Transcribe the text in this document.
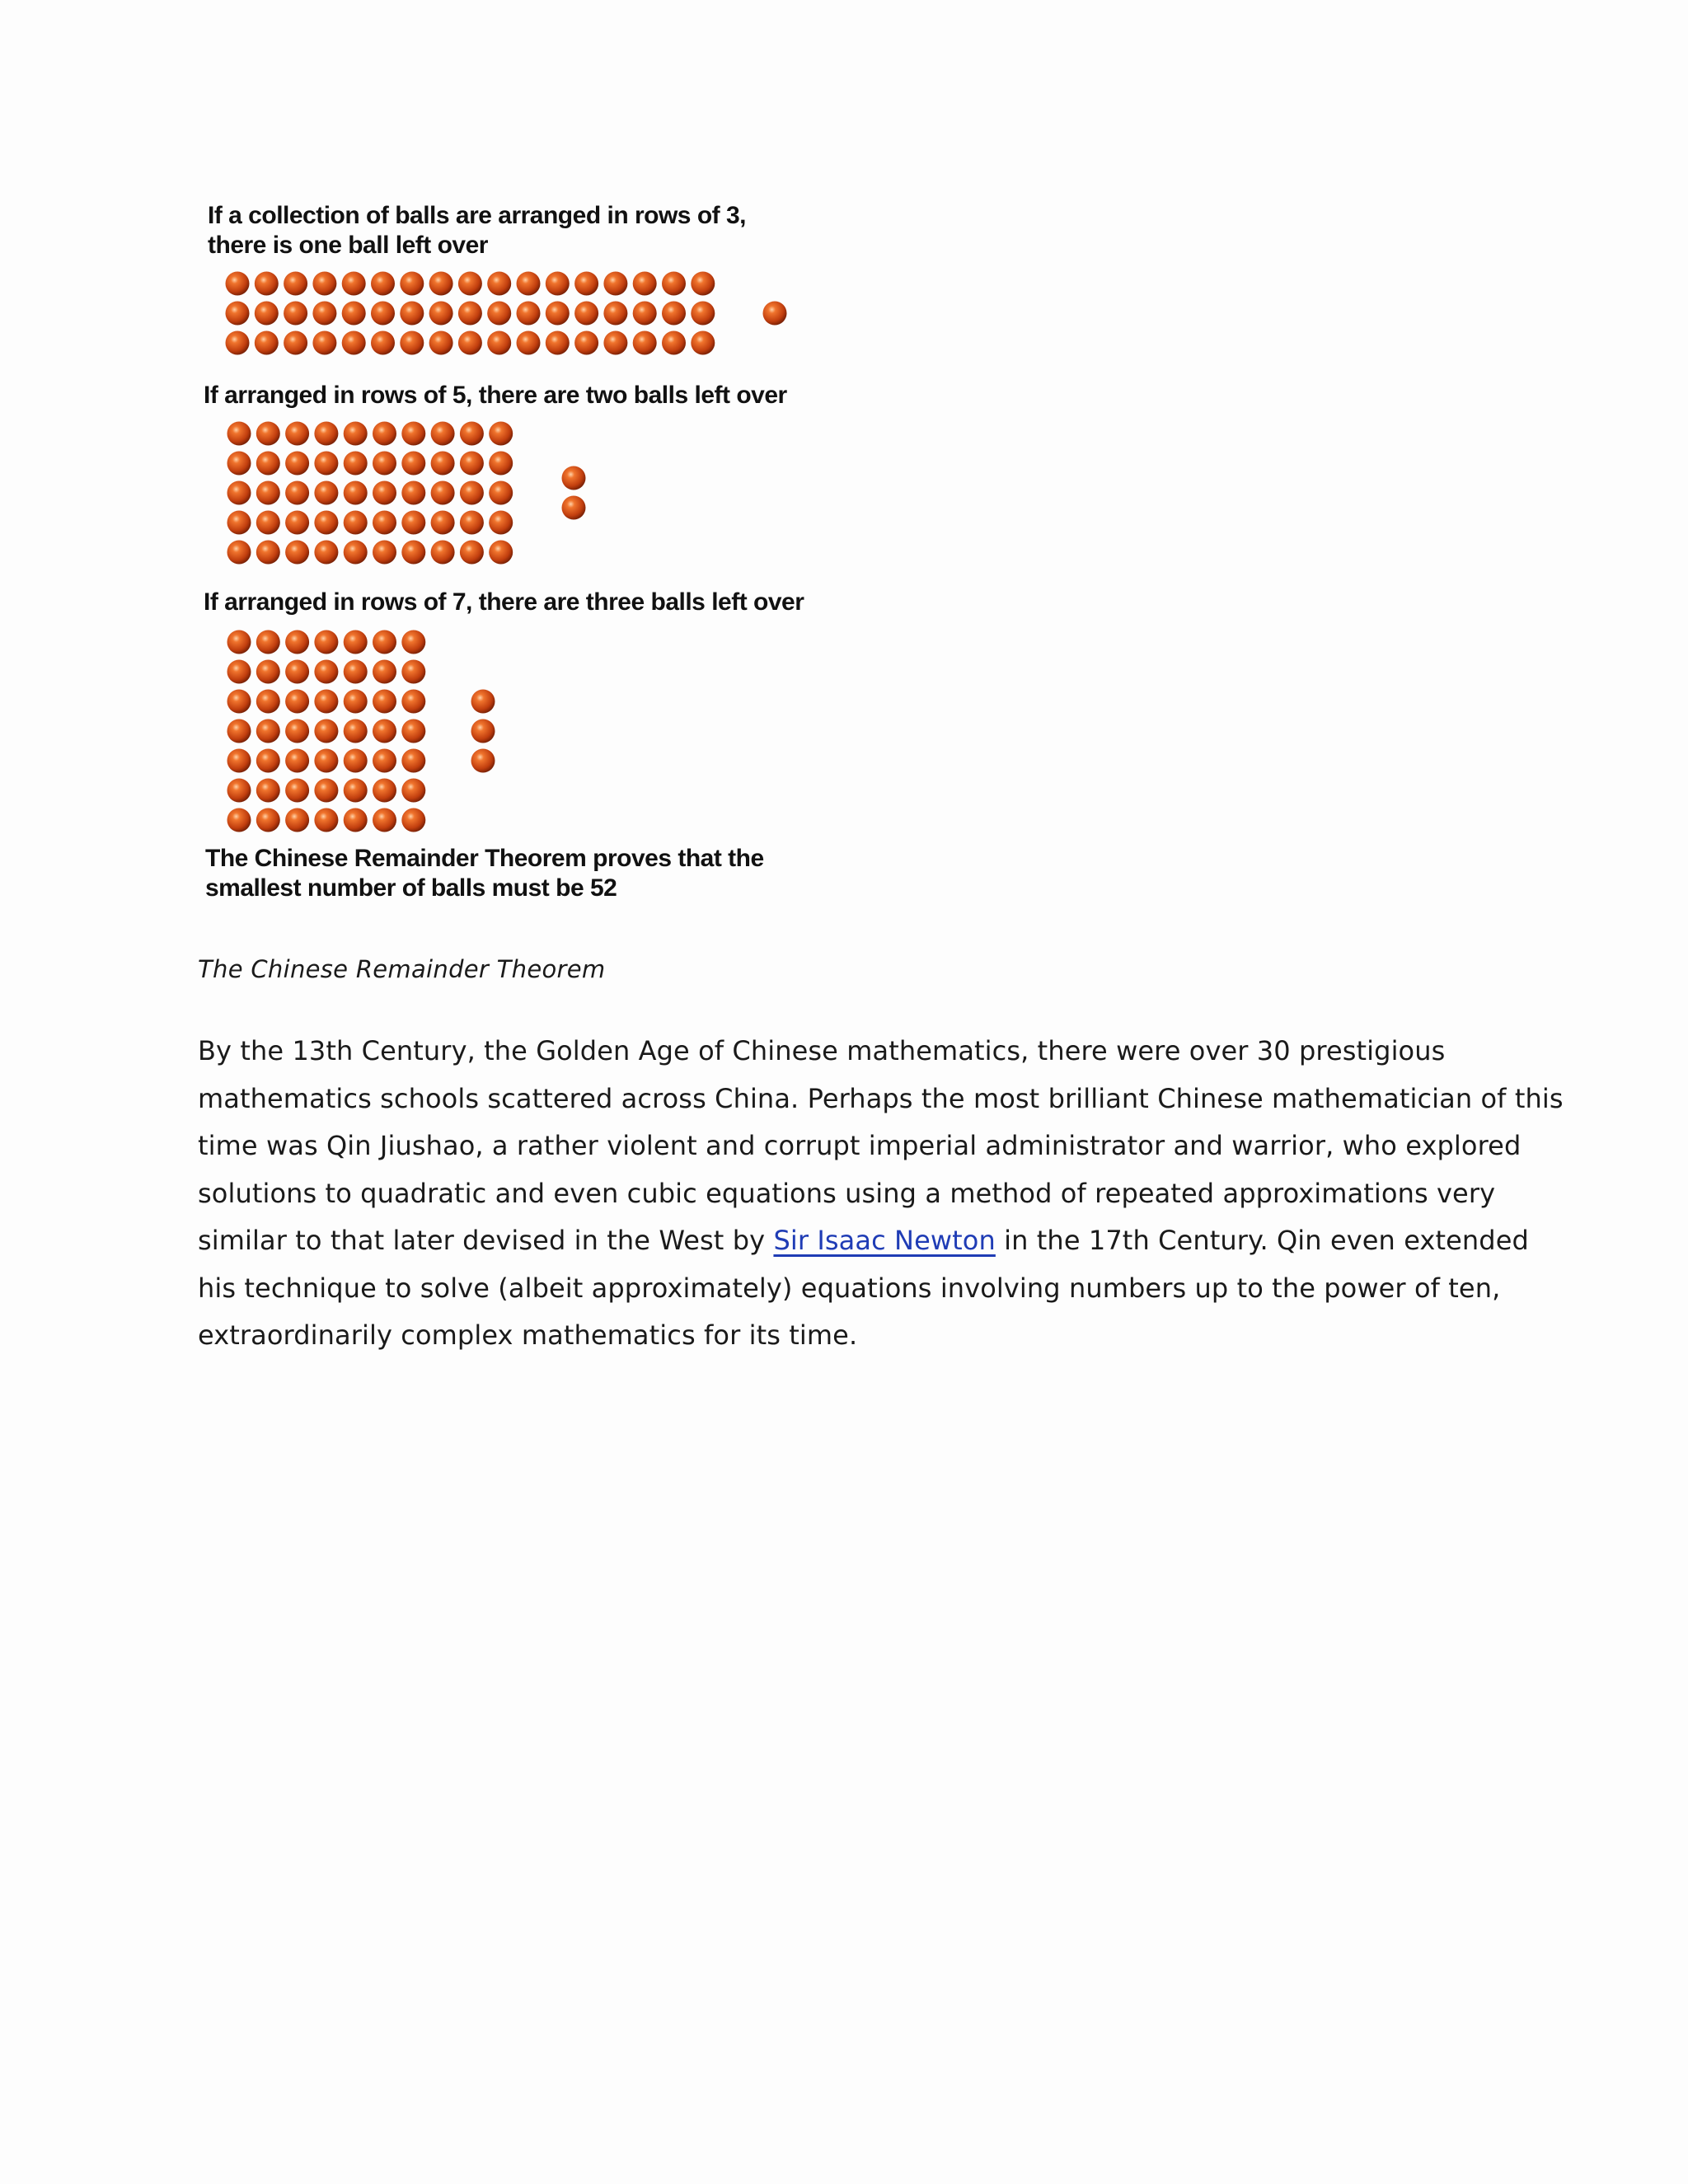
If a collection of balls are arranged in rows of 3,
there is one ball left over
If arranged in rows of 5, there are two balls left over
If arranged in rows of 7, there are three balls left over
The Chinese Remainder Theorem proves that the
smallest number of balls must be 52
The Chinese Remainder Theorem
By the 13th Century, the Golden Age of Chinese mathematics, there were over 30 prestigious
mathematics schools scattered across China. Perhaps the most brilliant Chinese mathematician of this
time was Qin Jiushao, a rather violent and corrupt imperial administrator and warrior, who explored
solutions to quadratic and even cubic equations using a method of repeated approximations very
similar to that later devised in the West by Sir Isaac Newton in the 17th Century. Qin even extended
his technique to solve (albeit approximately) equations involving numbers up to the power of ten,
extraordinarily complex mathematics for its time.
